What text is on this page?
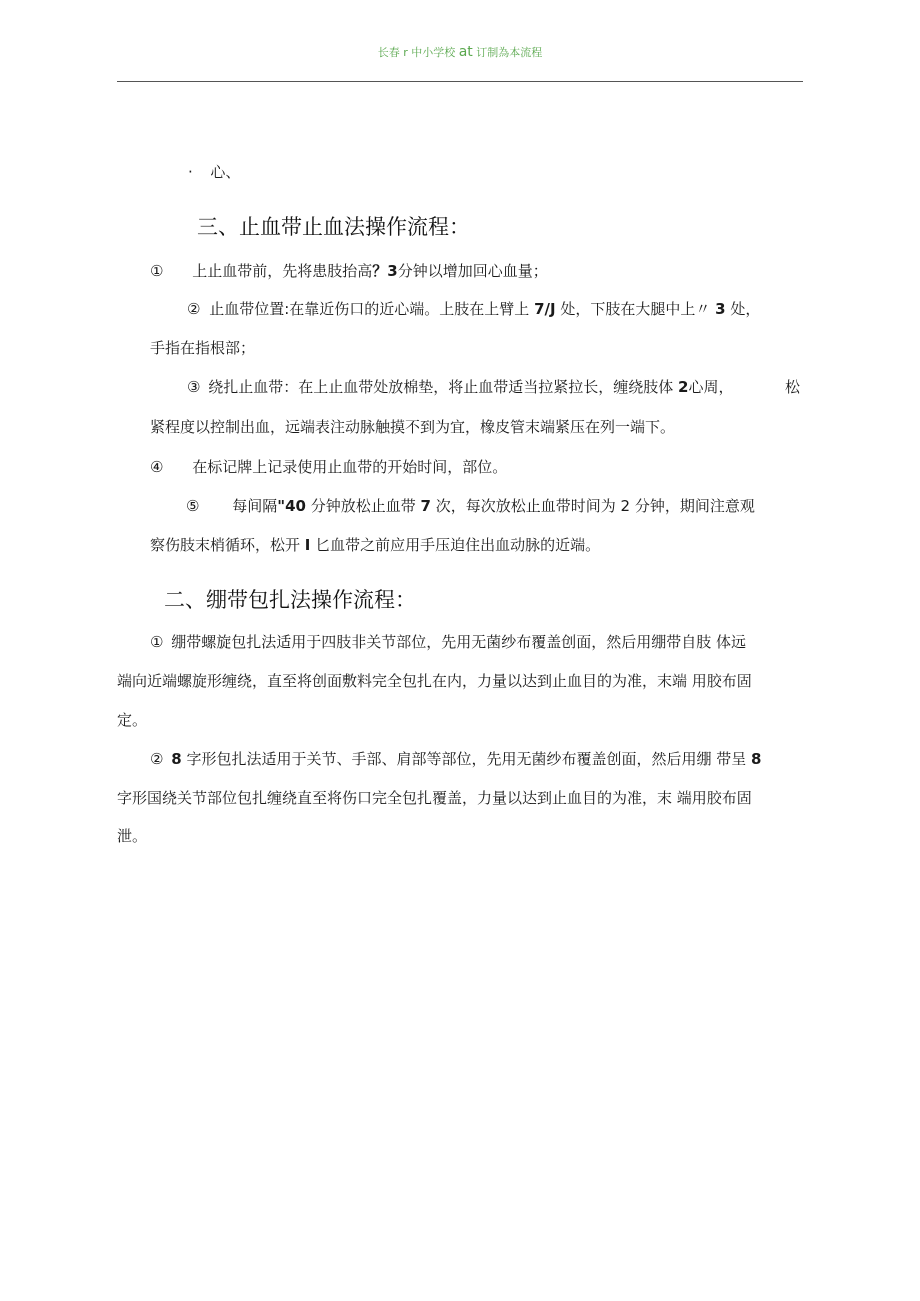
长春 r 中小学校 at 订制為本流程
· 心、
三、止血带止血法操作流程：
① 上止血带前，先将患肢抬高？3分钟以增加回心血量；
② 止血带位置:在靠近伤口的近心端。上肢在上臂上 7/J 处，下肢在大腿中上〃 3 处，
手指在指根部；
③ 绕扎止血带：在上止血带处放棉垫，将止血带适当拉紧拉长，缠绕肢体 2心周，	松
紧程度以控制出血，远端表注动脉触摸不到为宜，橡皮管末端紧压在列一端下。
④ 在标记牌上记录使用止血带的开始时间，部位。
⑤ 每间隔"40 分钟放松止血带 7 次，每次放松止血带时间为 2 分钟，期间注意观
察伤肢末梢循环，松开 I 匕血带之前应用手压迫住出血动脉的近端。
二、绷带包扎法操作流程：
① 绷带螺旋包扎法适用于四肢非关节部位，先用无菌纱布覆盖创面，然后用绷带自肢 体远
端向近端螺旋形缠绕，直至将创面敷料完全包扎在内，力量以达到止血目的为准，末端 用胶布固
定。
② 8 字形包扎法适用于关节、手部、肩部等部位，先用无菌纱布覆盖创面，然后用绷 带呈 8
字形国绕关节部位包扎缠绕直至将伤口完全包扎覆盖，力量以达到止血目的为准，末 端用胶布固
泄。
